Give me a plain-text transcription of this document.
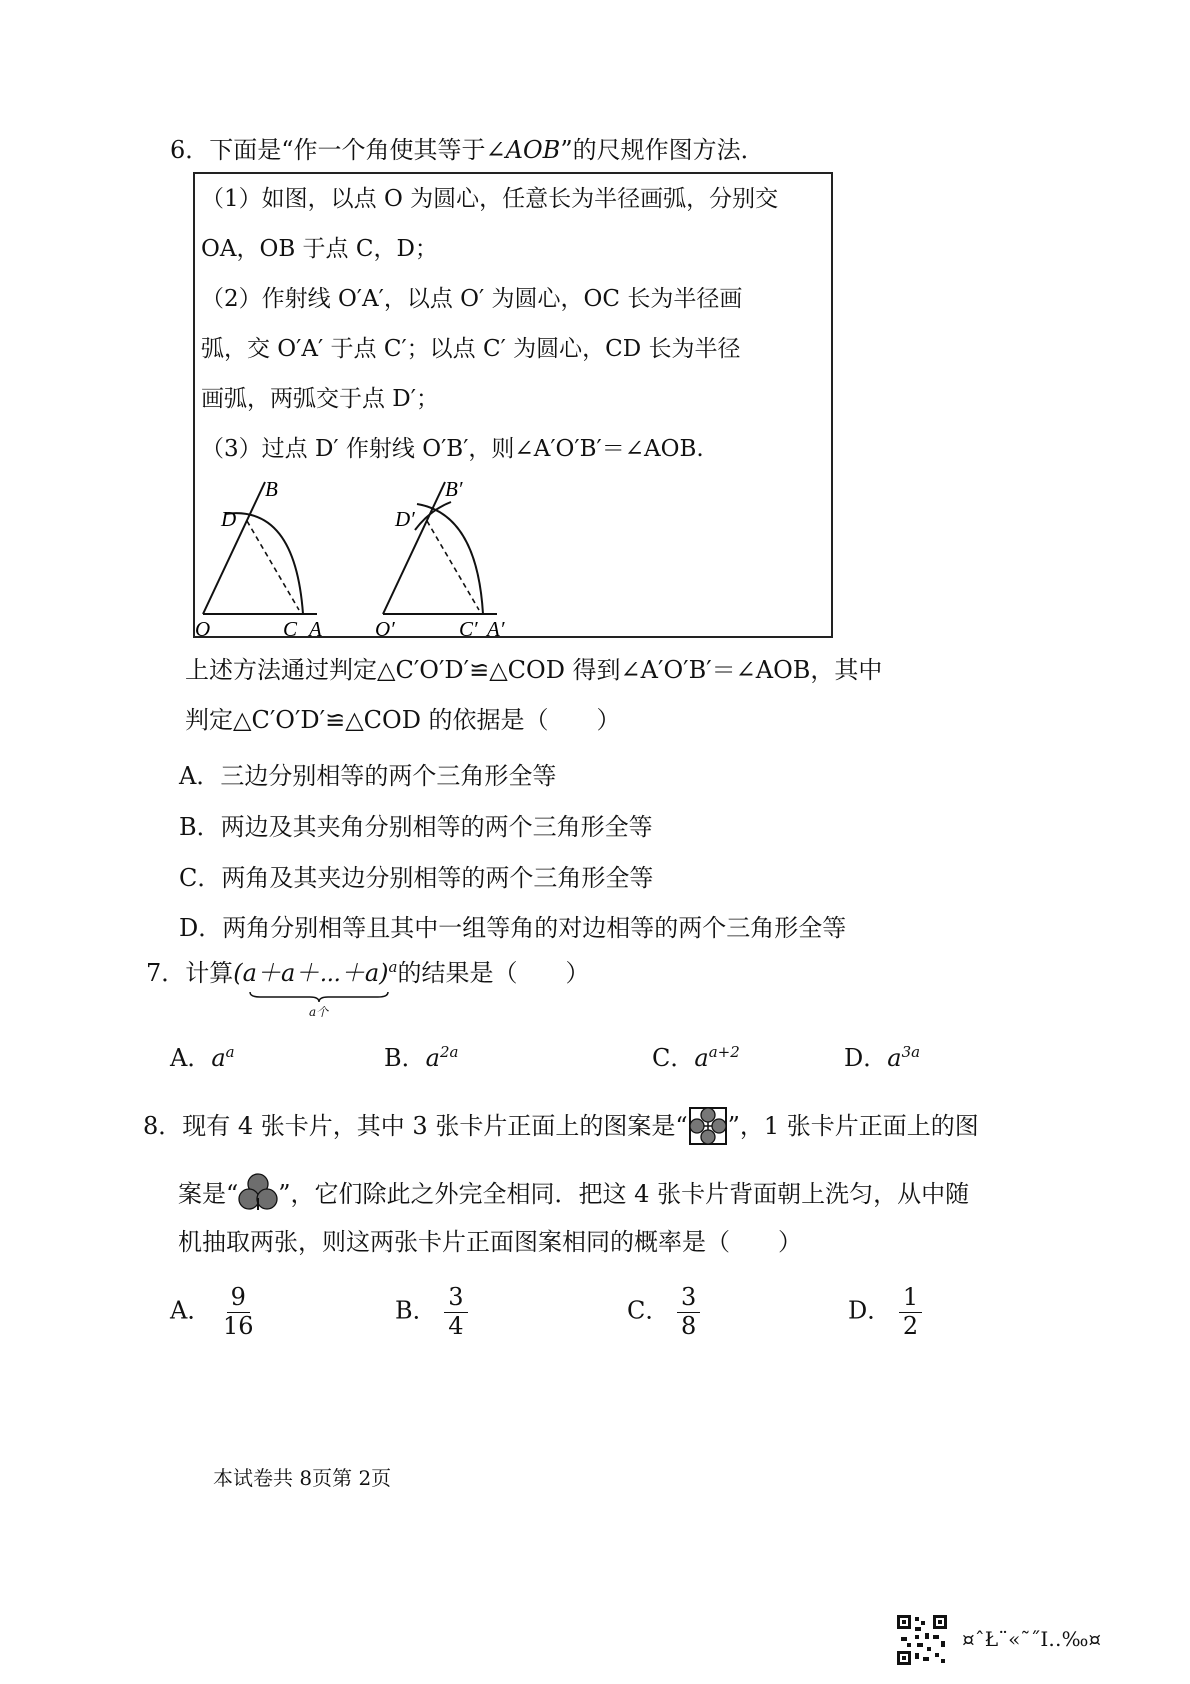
6．下面是“作一个角使其等于∠AOB”的尺规作图方法．
（1）如图，以点 O 为圆心，任意长为半径画弧，分别交
OA，OB 于点 C，D；
（2）作射线 O′A′，以点 O′ 为圆心，OC 长为半径画
弧，交 O′A′ 于点 C′；以点 C′ 为圆心，CD 长为半径
画弧，两弧交于点 D′；
（3）过点 D′ 作射线 O′B′，则∠A′O′B′＝∠AOB.
B
D
O	C A
B′
D′
O′	C′ A′
上述方法通过判定△C′O′D′≌△COD 得到∠A′O′B′＝∠AOB，其中
判定△C′O′D′≌△COD 的依据是（　　）
A．三边分别相等的两个三角形全等
B．两边及其夹角分别相等的两个三角形全等
C．两角及其夹边分别相等的两个三角形全等
D．两角分别相等且其中一组等角的对边相等的两个三角形全等
7．计算(a＋a＋⋯＋a)$^a$的结果是（　　）
a个
A．$a^a$	B．$a^{2a}$	C．$a^{a+2}$	D．$a^{3a}$
8．现有 4 张卡片，其中 3 张卡片正面上的图案是“ ”，1 张卡片正面上的图
案是“ ”，它们除此之外完全相同．把这 4 张卡片背面朝上洗匀，从中随
机抽取两张，则这两张卡片正面图案相同的概率是（　　）
A． $\frac{9}{16}$	B． $\frac{3}{4}$	C． $\frac{3}{8}$	D． $\frac{1}{2}$
本试卷共 8页第 2页
¤ˆŁ¨«˜˝Ι‥‰¤
